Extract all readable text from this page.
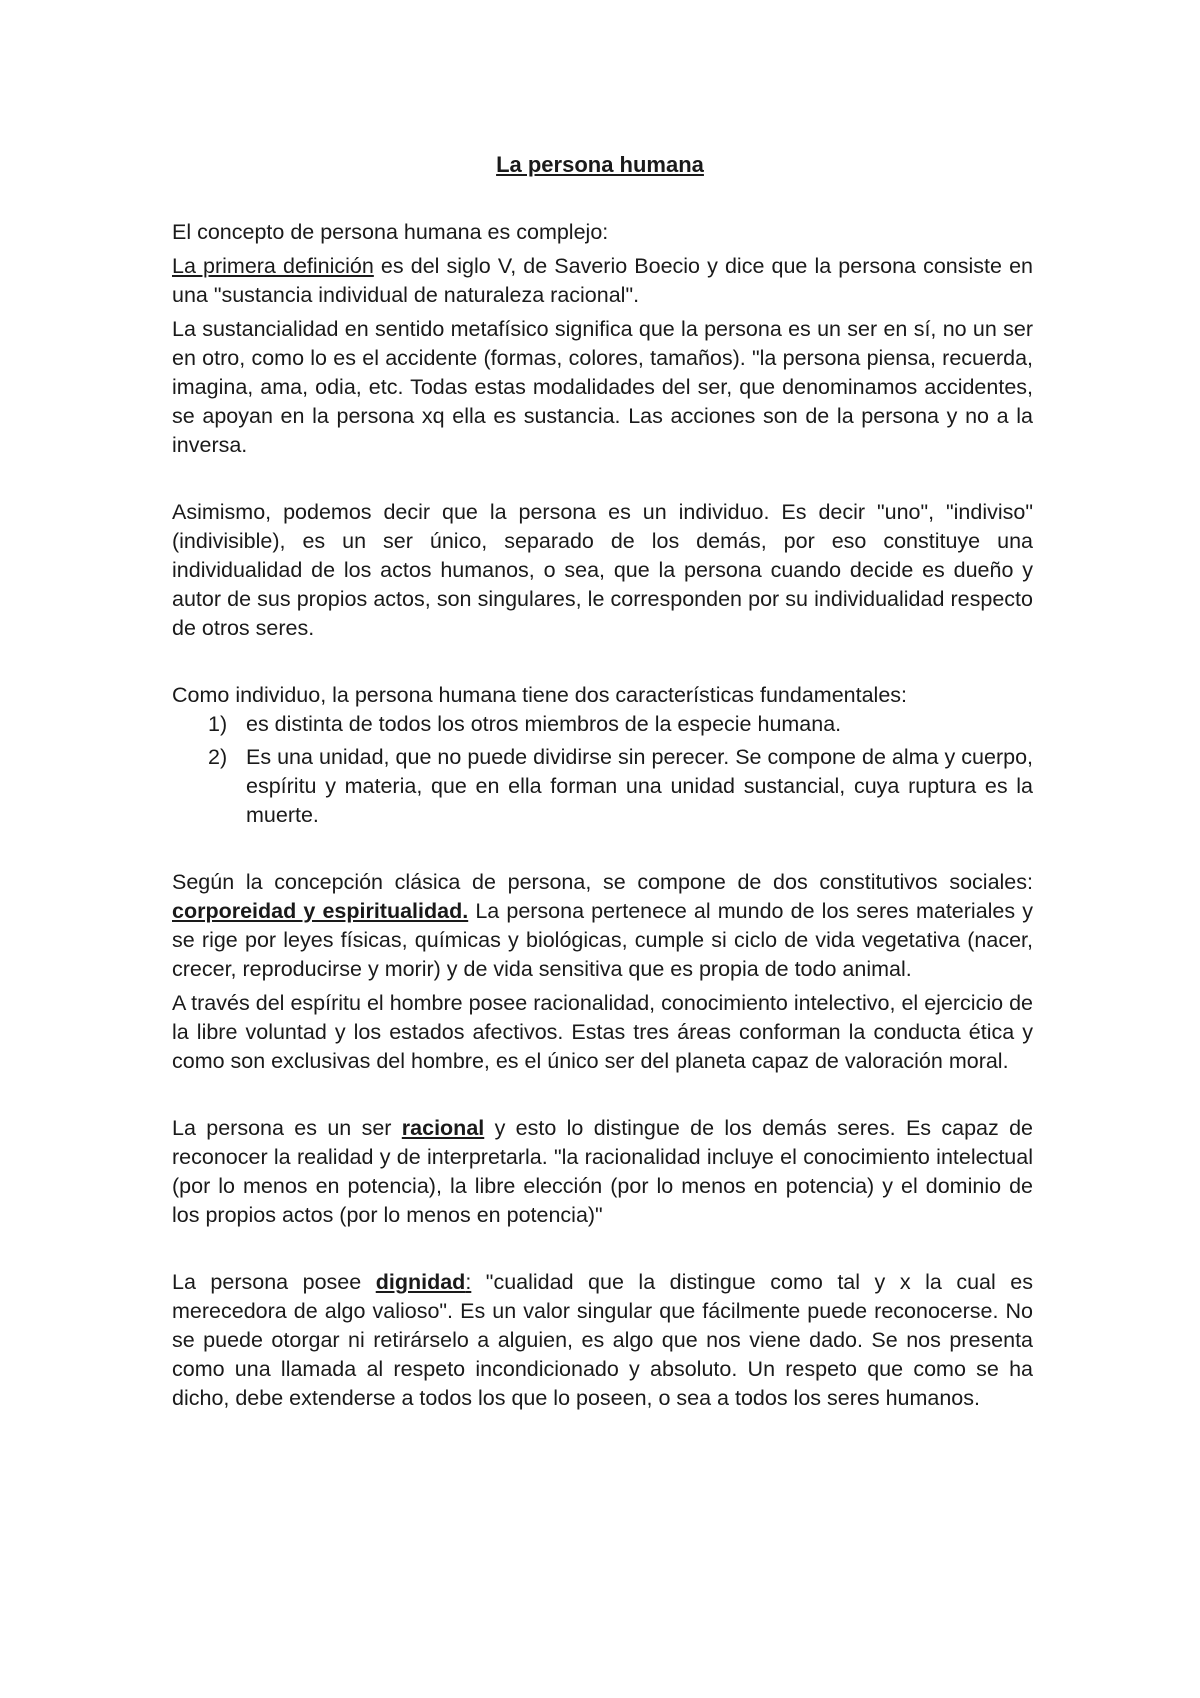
La persona humana

El concepto de persona humana es complejo:

La primera definición es del siglo V, de Saverio Boecio y dice que la persona consiste en una "sustancia individual de naturaleza racional".

La sustancialidad en sentido metafísico significa que la persona es un ser en sí, no un ser en otro, como lo es el accidente (formas, colores, tamaños). "la persona piensa, recuerda, imagina, ama, odia, etc. Todas estas modalidades del ser, que denominamos accidentes, se apoyan en la persona xq ella es sustancia. Las acciones son de la persona y no a la inversa.

Asimismo, podemos decir que la persona es un individuo. Es decir "uno", "indiviso" (indivisible), es un ser único, separado de los demás, por eso constituye una individualidad de los actos humanos, o sea, que la persona cuando decide es dueño y autor de sus propios actos, son singulares, le corresponden por su individualidad respecto de otros seres.

Como individuo, la persona humana tiene dos características fundamentales:

1) es distinta de todos los otros miembros de la especie humana.
2) Es una unidad, que no puede dividirse sin perecer. Se compone de alma y cuerpo, espíritu y materia, que en ella forman una unidad sustancial, cuya ruptura es la muerte.

Según la concepción clásica de persona, se compone de dos constitutivos sociales: corporeidad y espiritualidad. La persona pertenece al mundo de los seres materiales y se rige por leyes físicas, químicas y biológicas, cumple si ciclo de vida vegetativa (nacer, crecer, reproducirse y morir) y de vida sensitiva que es propia de todo animal.

A través del espíritu el hombre posee racionalidad, conocimiento intelectivo, el ejercicio de la libre voluntad y los estados afectivos. Estas tres áreas conforman la conducta ética y como son exclusivas del hombre, es el único ser del planeta capaz de valoración moral.

La persona es un ser racional y esto lo distingue de los demás seres. Es capaz de reconocer la realidad y de interpretarla. "la racionalidad incluye el conocimiento intelectual (por lo menos en potencia), la libre elección (por lo menos en potencia) y el dominio de los propios actos (por lo menos en potencia)"

La persona posee dignidad: "cualidad que la distingue como tal y x la cual es merecedora de algo valioso". Es un valor singular que fácilmente puede reconocerse. No se puede otorgar ni retirárselo a alguien, es algo que nos viene dado. Se nos presenta como una llamada al respeto incondicionado y absoluto. Un respeto que como se ha dicho, debe extenderse a todos los que lo poseen, o sea a todos los seres humanos.
